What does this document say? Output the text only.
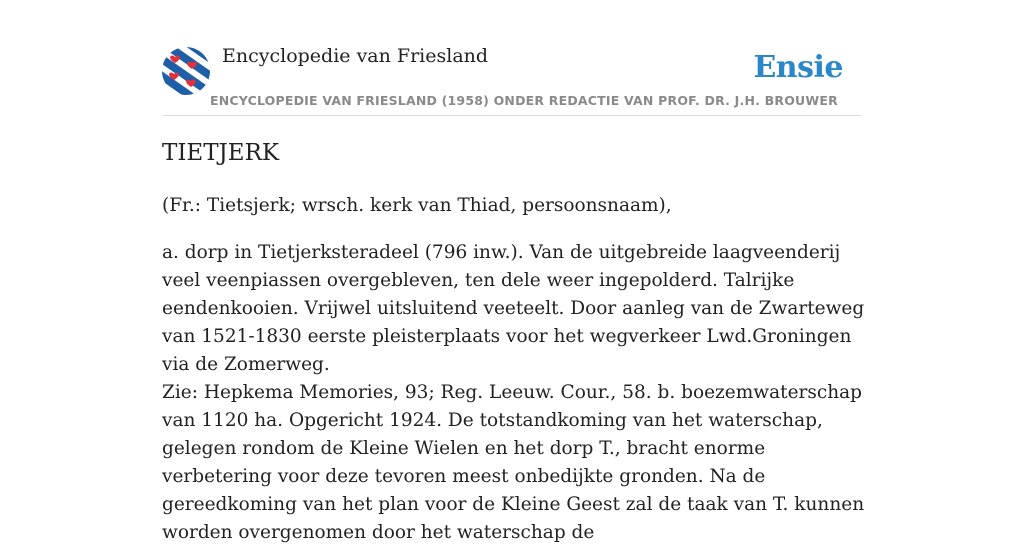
Encyclopedie van Friesland	Ensie
ENCYCLOPEDIE VAN FRIESLAND (1958) ONDER REDACTIE VAN PROF. DR. J.H. BROUWER
TIETJERK

(Fr.: Tietsjerk; wrsch. kerk van Thiad, persoonsnaam),

a. dorp in Tietjerksteradeel (796 inw.). Van de uitgebreide laagveenderij veel veenpiassen overgebleven, ten dele weer ingepolderd. Talrijke eendenkooien. Vrijwel uitsluitend veeteelt. Door aanleg van de Zwarteweg van 1521-1830 eerste pleisterplaats voor het wegverkeer Lwd.Groningen via de Zomerweg.

Zie: Hepkema Memories, 93; Reg. Leeuw. Cour., 58. b. boezemwaterschap van 1120 ha. Opgericht 1924. De totstandkoming van het waterschap, gelegen rondom de Kleine Wielen en het dorp T., bracht enorme verbetering voor deze tevoren meest onbedijkte gronden. Na de gereedkoming van het plan voor de Kleine Geest zal de taak van T. kunnen worden overgenomen door het waterschap de
